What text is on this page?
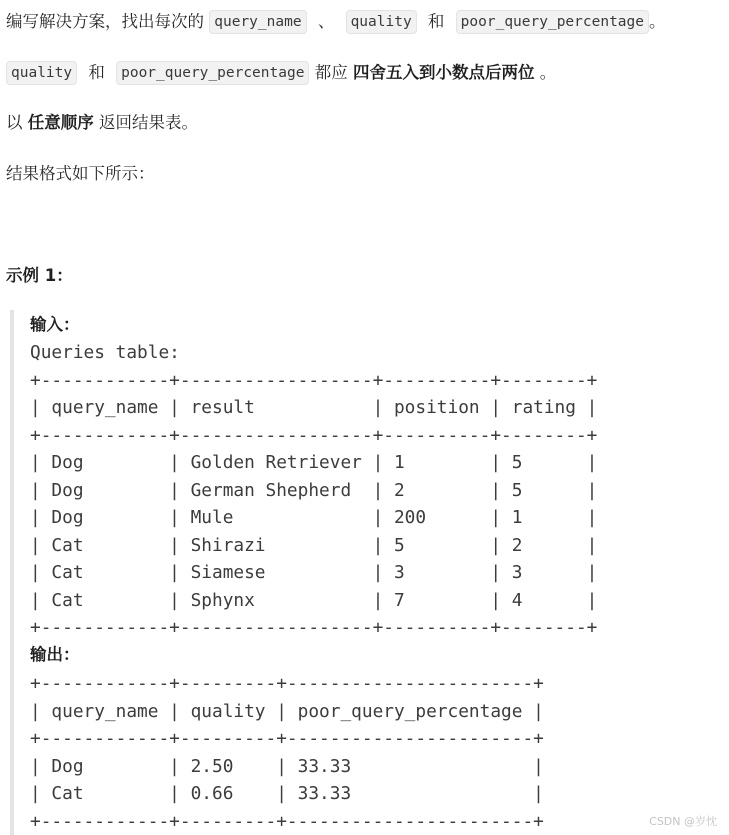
编写解决方案，找出每次的 query_name 、 quality 和 poor_query_percentage 。
quality 和 poor_query_percentage 都应 四舍五入到小数点后两位 。
以 任意顺序 返回结果表。
结果格式如下所示：
示例 1：
输入：
Queries table:
+------------+------------------+----------+--------+
| query_name | result           | position | rating |
+------------+------------------+----------+--------+
| Dog        | Golden Retriever | 1        | 5      |
| Dog        | German Shepherd  | 2        | 5      |
| Dog        | Mule             | 200      | 1      |
| Cat        | Shirazi          | 5        | 2      |
| Cat        | Siamese          | 3        | 3      |
| Cat        | Sphynx           | 7        | 4      |
+------------+------------------+----------+--------+
输出：
+------------+---------+-----------------------+
| query_name | quality | poor_query_percentage |
+------------+---------+-----------------------+
| Dog        | 2.50    | 33.33                 |
| Cat        | 0.66    | 33.33                 |
+------------+---------+-----------------------+	CSDN @岁忱
